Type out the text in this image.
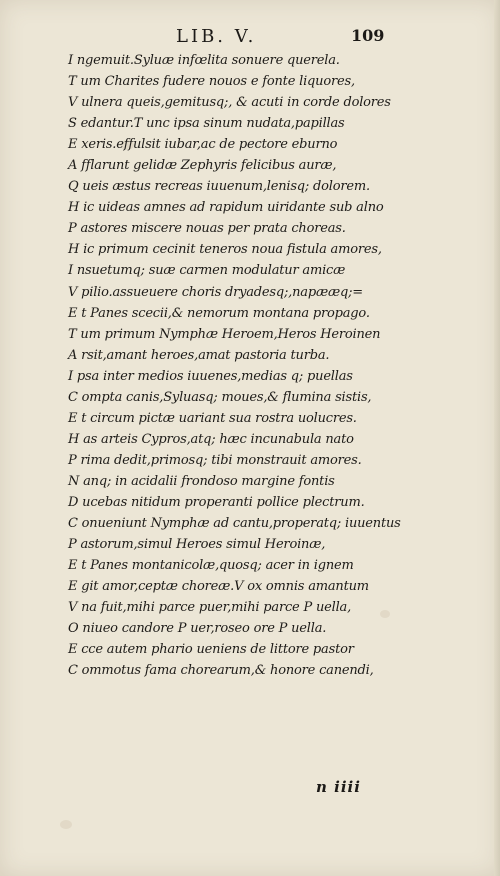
LIB. V.	109
I ngemuit.Syluæ infœlita sonuere querela.
T um Charites fudere nouos e fonte liquores,
V ulnera queis,gemitusq;, & acuti in corde dolores
S edantur.T unc ipsa sinum nudata,papillas
E xeris.effulsit iubar,ac de pectore eburno
A fflarunt gelidæ Zephyris felicibus auræ,
Q ueis æstus recreas iuuenum,lenisq; dolorem.
H ic uideas amnes ad rapidum uiridante sub alno
P astores miscere nouas per prata choreas.
H ic primum cecinit teneros noua fistula amores,
I nsuetumq; suæ carmen modulatur amicæ
V pilio.assueuere choris dryadesq;,napææq;=
E t Panes scecii,& nemorum montana propago.
T um primum Nymphæ Heroem,Heros Heroinen
A rsit,amant heroes,amat pastoria turba.
I psa inter medios iuuenes,medias q; puellas
C ompta canis,Syluasq; moues,& flumina sistis,
E t circum pictæ uariant sua rostra uolucres.
H as arteis Cypros,atq; hæc incunabula nato
P rima dedit,primosq; tibi monstrauit amores.
N anq; in acidalii frondoso margine fontis
D ucebas nitidum properanti pollice plectrum.
C onueniunt Nymphæ ad cantu,properatq; iuuentus
P astorum,simul Heroes simul Heroinæ,
E t Panes montanicolæ,quosq; acer in ignem
E git amor,ceptæ choreæ.V ox omnis amantum
V na fuit,mihi parce puer,mihi parce P uella,
O niueo candore P uer,roseo ore P uella.
E cce autem phario ueniens de littore pastor
C ommotus fama chorearum,& honore canendi,
n iiii
